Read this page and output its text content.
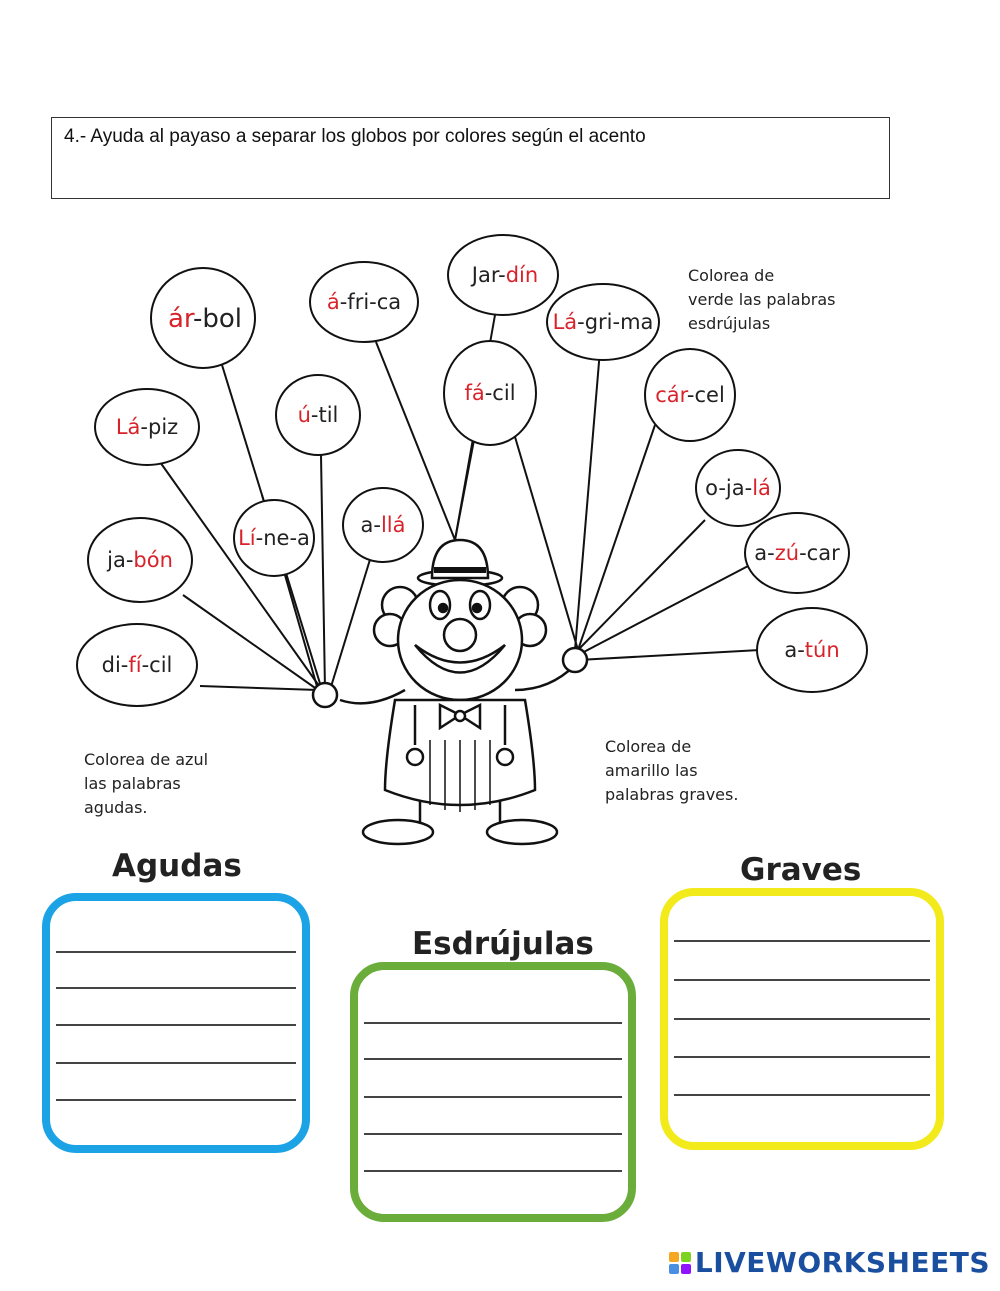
4.- Ayuda al payaso a separar los globos por colores según el acento
ár-bol
á-fri-ca
Jar-dín
Lá-gri-ma
Lá-piz	ú-til
fá-cil	cár-cel
o-ja-lá
Lí-ne-a
a-llá
ja-bón	a-zú-car
di-fí-cil
a-tún
Colorea de
verde las palabras
esdrújulas
Colorea de azul
las palabras
agudas.
Colorea de
amarillo las
palabras graves.
Agudas
Esdrújulas
Graves
LIVEWORKSHEETS
